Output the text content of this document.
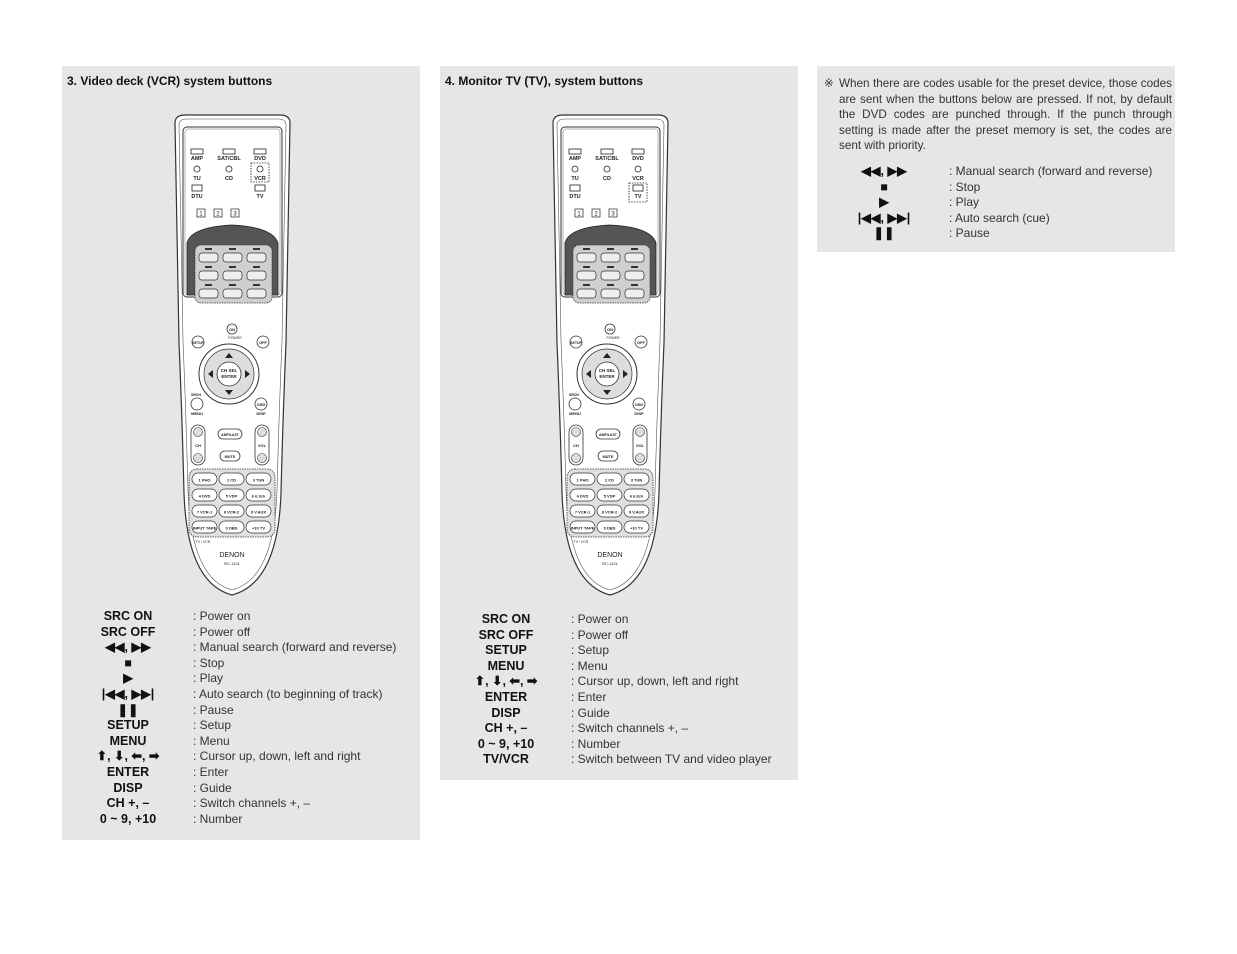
3. Video deck (VCR) system buttons
AMP	SAT/CBL DVD
TU	CD	VCR
DTU	TV
1 2 3
SETUP	OFF
ON
POWER
CH SEL
ENTER
SRCH
MENU
OSD
DISP
CH	VOL
AMP/LAST
MUTE
1 PHO	2 CD	3 TUN
4 DVD	5 VDP	6 6.3ch
7 VCR-1	8 VCR-2	9 V.AUX
INPUT TAPE 0 DBS	+10 TV
TV / VCR
DENON
RC-1101
SRC ON	: Power on
SRC OFF	: Power off
◀◀, ▶▶	: Manual search (forward and reverse)
■	: Stop
▶	: Play
|◀◀, ▶▶|	: Auto search (to beginning of track)
❚❚	: Pause
SETUP	: Setup
MENU	: Menu
⬆, ⬇, ⬅, ➡	: Cursor up, down, left and right
ENTER	: Enter
DISP	: Guide
CH +, –	: Switch channels +, –
0 ~ 9, +10	: Number
4. Monitor TV (TV), system buttons
AMP	SAT/CBL DVD
TU	CD	VCR
DTU	TV
1 2 3
SETUP	OFF
ON
POWER
CH SEL
ENTER
SRCH
MENU
OSD
DISP
CH	VOL
AMP/LAST
MUTE
1 PHO	2 CD	3 TUN
4 DVD	5 VDP	6 6.3ch
7 VCR-1	8 VCR-2	9 V.AUX
INPUT TAPE 0 DBS	+10 TV
TV / VCR
DENON
RC-1101
SRC ON	: Power on
SRC OFF	: Power off
SETUP	: Setup
MENU	: Menu
⬆, ⬇, ⬅, ➡	: Cursor up, down, left and right
ENTER	: Enter
DISP	: Guide
CH +, –	: Switch channels +, –
0 ~ 9, +10	: Number
TV/VCR	: Switch between TV and video player
※ When there are codes usable for the preset device, those codes are sent when the buttons below are pressed. If not, by default the DVD codes are punched through. If the punch through setting is made after the preset memory is set, the codes are sent with priority.
◀◀, ▶▶	: Manual search (forward and reverse)
■	: Stop
▶	: Play
|◀◀, ▶▶|	: Auto search (cue)
❚❚	: Pause
